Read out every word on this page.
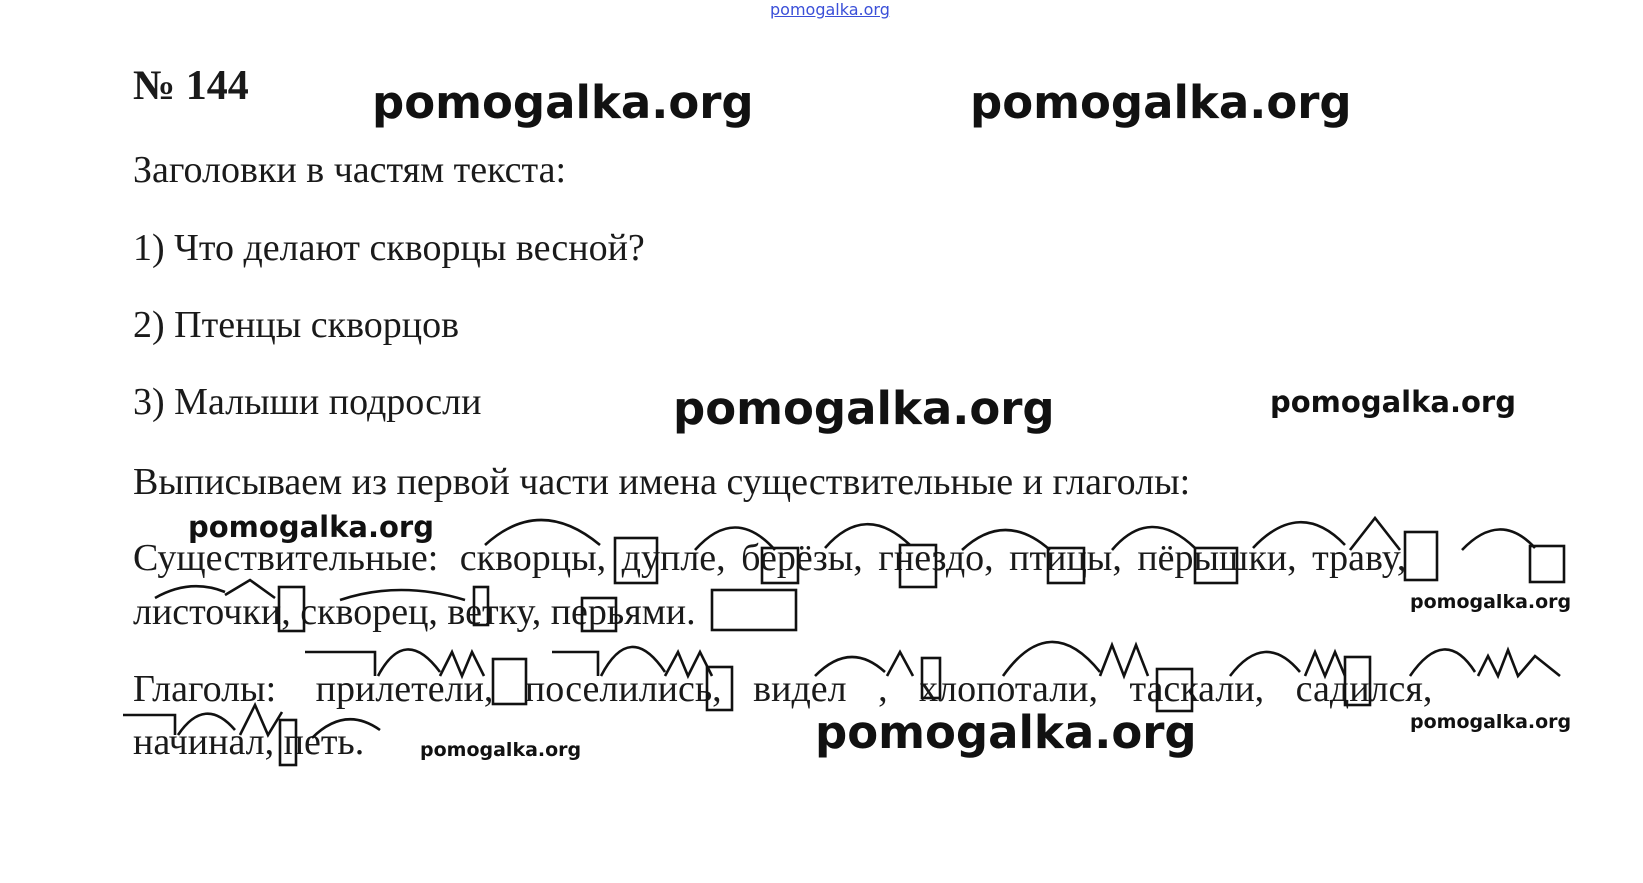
pomogalka.org
№ 144	pomogalka.org	pomogalka.org
pomogalka.org	pomogalka.org
pomogalka.org
pomogalka.org
pomogalka.org
pomogalka.org	pomogalka.org
Заголовки в частям текста:
1) Что делают скворцы весной?
2) Птенцы скворцов
3) Малыши подросли
Выписываем из первой части имена существительные и глаголы:
Существительные: скворцы, дупле, берёзы, гнездо, птицы, пёрышки, траву,
листочки, скворец, ветку, перьями.
Глаголы: прилетели, поселились, видел , хлопотали, таскали, садился,
начинал, петь.
